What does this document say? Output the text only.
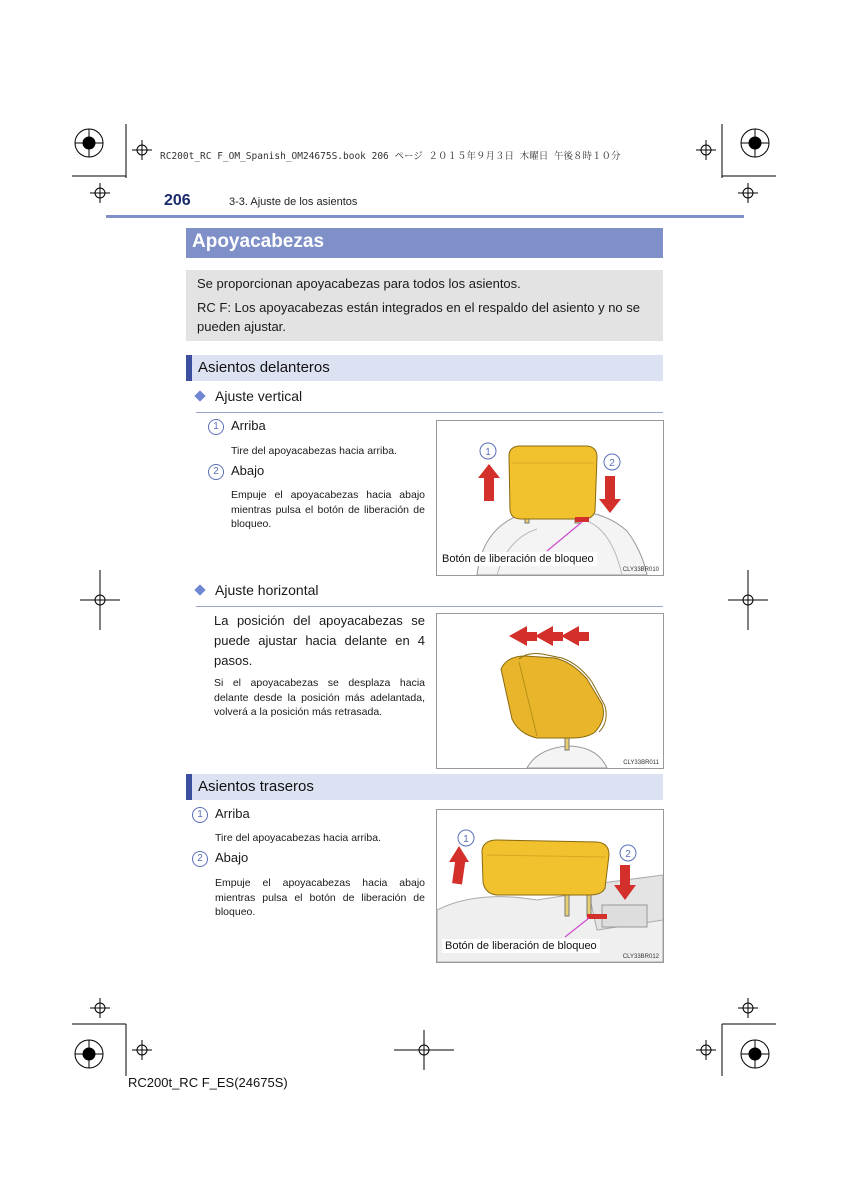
RC200t_RC F_OM_Spanish_OM24675S.book 206 ページ ２０１５年９月３日 木曜日 午後８時１０分
206	3-3. Ajuste de los asientos
Apoyacabezas

Se proporcionan apoyacabezas para todos los asientos.

RC F: Los apoyacabezas están integrados en el respaldo del asiento y no se pueden ajustar.

Asientos delanteros
Ajuste vertical
1 Arriba
Tire del apoyacabezas hacia arriba.
2 Abajo
Empuje el apoyacabezas hacia abajo mientras pulsa el botón de liberación de bloqueo.
1
2
Botón de liberación de bloqueo
CLY33BR010
Ajuste horizontal
La posición del apoyacabezas se puede ajustar hacia delante en 4 pasos.
Si el apoyacabezas se desplaza hacia delante desde la posición más adelantada, volverá a la posición más retrasada.
CLY33BR011
Asientos traseros
1 Arriba
Tire del apoyacabezas hacia arriba.
2 Abajo
Empuje el apoyacabezas hacia abajo mientras pulsa el botón de liberación de bloqueo.
1
2
Botón de liberación de bloqueo
CLY33BR012
RC200t_RC F_ES(24675S)
